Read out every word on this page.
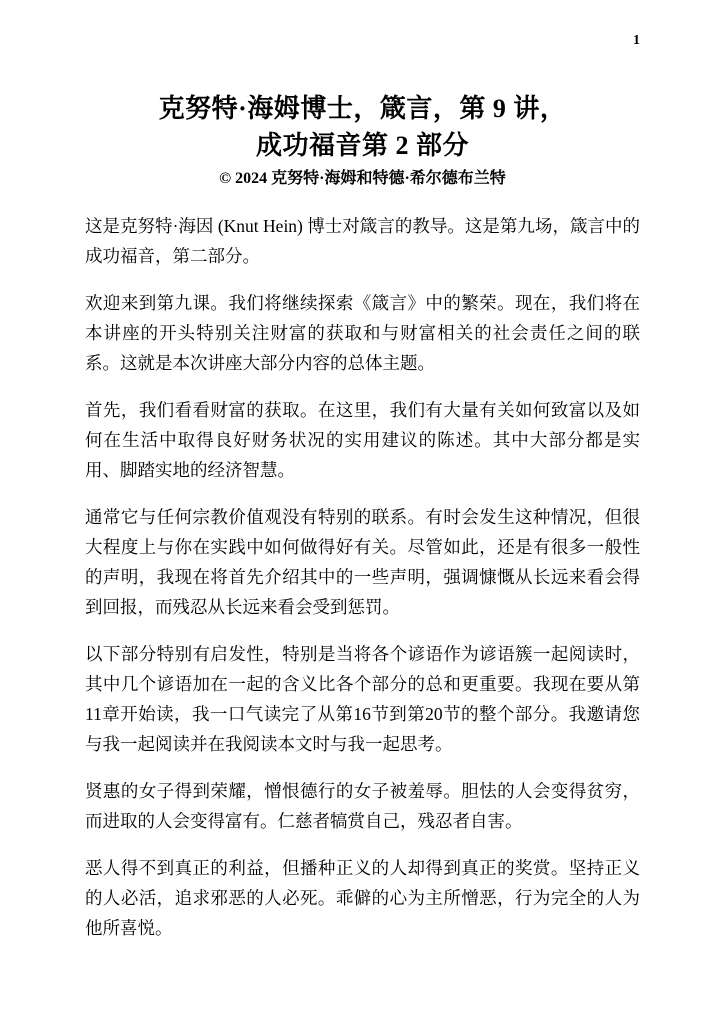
1
克努特·海姆博士，箴言，第 9 讲，
成功福音第 2 部分

© 2024 克努特·海姆和特德·希尔德布兰特

这是克努特·海因 (Knut Hein) 博士对箴言的教导。这是第九场，箴言中的成功福音，第二部分。

欢迎来到第九课。我们将继续探索《箴言》中的繁荣。现在，我们将在本讲座的开头特别关注财富的获取和与财富相关的社会责任之间的联系。这就是本次讲座大部分内容的总体主题。

首先，我们看看财富的获取。在这里，我们有大量有关如何致富以及如何在生活中取得良好财务状况的实用建议的陈述。其中大部分都是实用、脚踏实地的经济智慧。

通常它与任何宗教价值观没有特别的联系。有时会发生这种情况，但很大程度上与你在实践中如何做得好有关。尽管如此，还是有很多一般性的声明，我现在将首先介绍其中的一些声明，强调慷慨从长远来看会得到回报，而残忍从长远来看会受到惩罚。

以下部分特别有启发性，特别是当将各个谚语作为谚语簇一起阅读时，其中几个谚语加在一起的含义比各个部分的总和更重要。我现在要从第11章开始读，我一口气读完了从第16节到第20节的整个部分。我邀请您与我一起阅读并在我阅读本文时与我一起思考。

贤惠的女子得到荣耀，憎恨德行的女子被羞辱。胆怯的人会变得贫穷，而进取的人会变得富有。仁慈者犒赏自己，残忍者自害。

恶人得不到真正的利益，但播种正义的人却得到真正的奖赏。坚持正义的人必活，追求邪恶的人必死。乖僻的心为主所憎恶，行为完全的人为他所喜悦。
